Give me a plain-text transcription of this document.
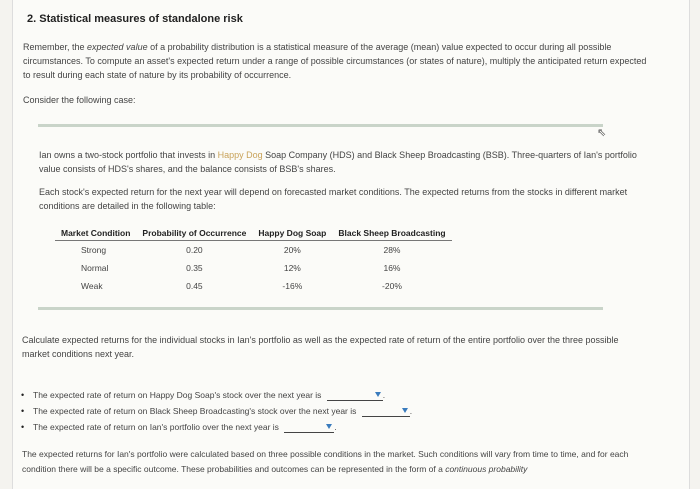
2. Statistical measures of standalone risk
Remember, the expected value of a probability distribution is a statistical measure of the average (mean) value expected to occur during all possible circumstances. To compute an asset's expected return under a range of possible circumstances (or states of nature), multiply the anticipated return expected to result during each state of nature by its probability of occurrence.
Consider the following case:
⇖
Ian owns a two-stock portfolio that invests in Happy Dog Soap Company (HDS) and Black Sheep Broadcasting (BSB). Three-quarters of Ian's portfolio value consists of HDS's shares, and the balance consists of BSB's shares.
Each stock's expected return for the next year will depend on forecasted market conditions. The expected returns from the stocks in different market conditions are detailed in the following table:
Market Condition	Probability of Occurrence	Happy Dog Soap	Black Sheep Broadcasting
Strong	0.20	20%	28%
Normal	0.35	12%	16%
Weak	0.45	-16%	-20%
Calculate expected returns for the individual stocks in Ian's portfolio as well as the expected rate of return of the entire portfolio over the three possible market conditions next year.
• The expected rate of return on Happy Dog Soap's stock over the next year is	.
• The expected rate of return on Black Sheep Broadcasting's stock over the next year is	.
• The expected rate of return on Ian's portfolio over the next year is	.
The expected returns for Ian's portfolio were calculated based on three possible conditions in the market. Such conditions will vary from time to time, and for each condition there will be a specific outcome. These probabilities and outcomes can be represented in the form of a continuous probability
